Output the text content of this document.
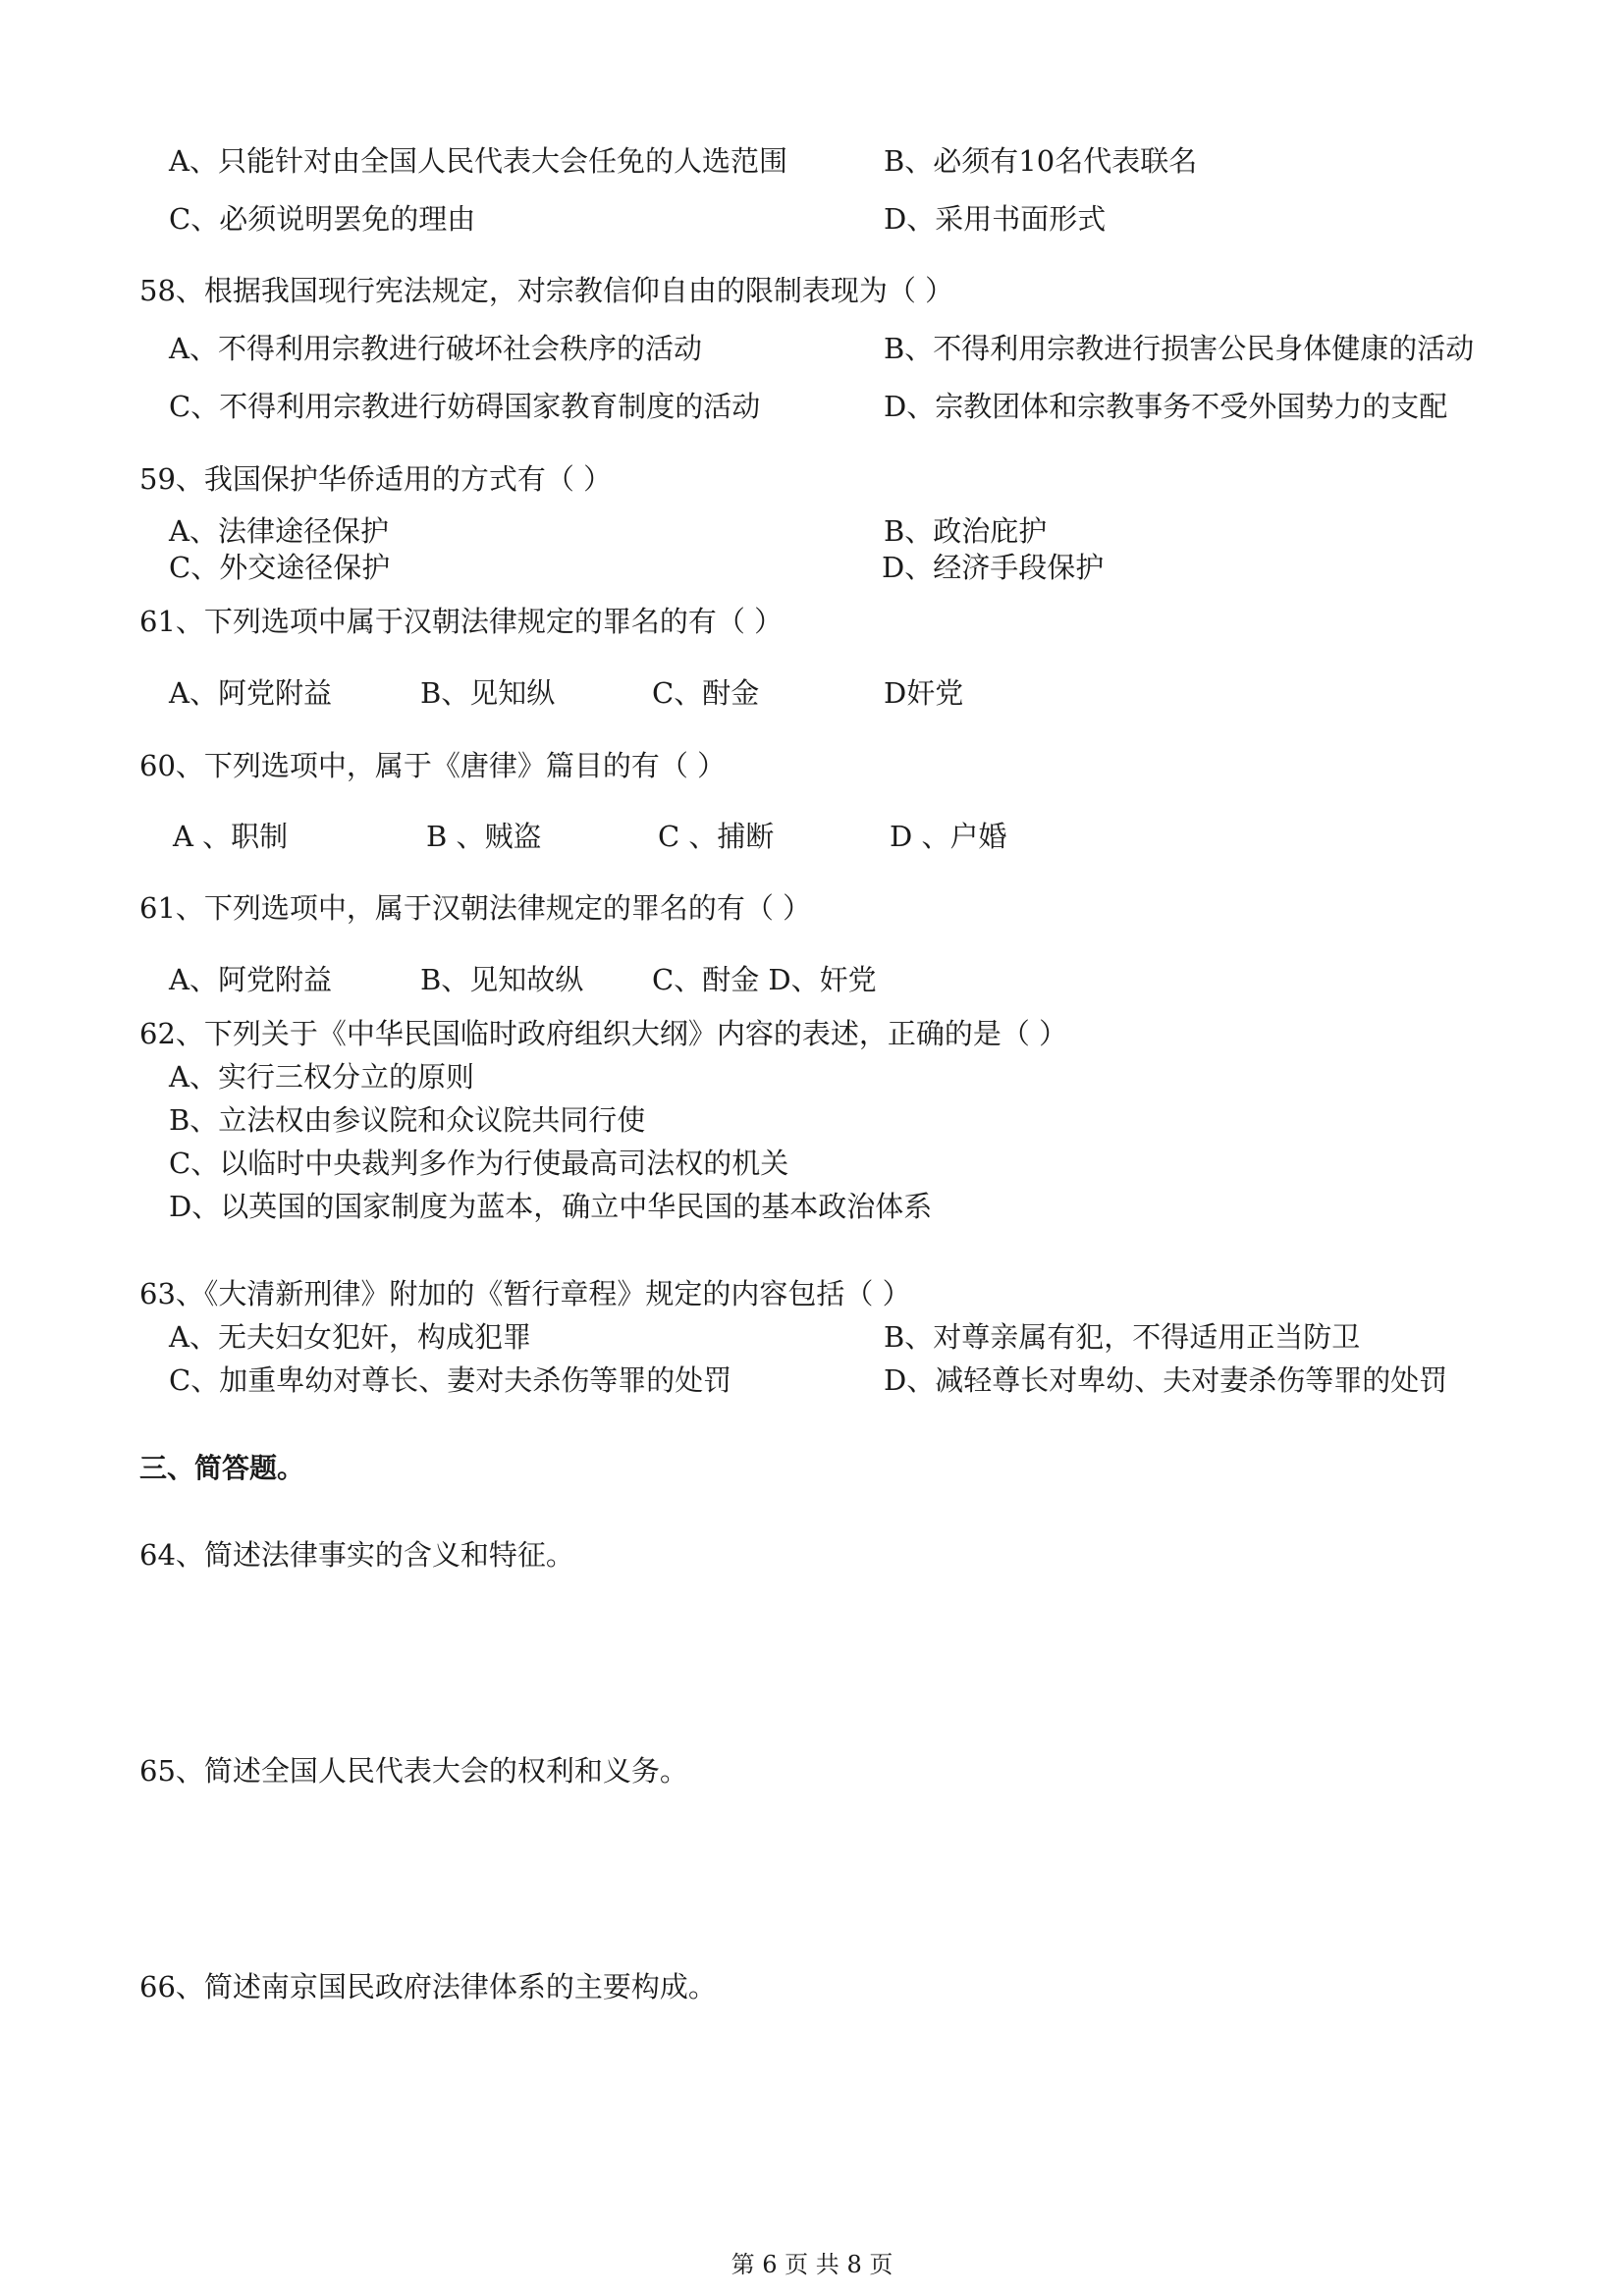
A、只能针对由全国人民代表大会任免的人选范围	B、必须有10名代表联名
C、必须说明罢免的理由	D、采用书面形式
58、根据我国现行宪法规定，对宗教信仰自由的限制表现为（ ）
A、不得利用宗教进行破坏社会秩序的活动	B、不得利用宗教进行损害公民身体健康的活动
C、不得利用宗教进行妨碍国家教育制度的活动	D、宗教团体和宗教事务不受外国势力的支配
59、我国保护华侨适用的方式有（ ）
A、法律途径保护	B、政治庇护
C、外交途径保护	D、经济手段保护
61、下列选项中属于汉朝法律规定的罪名的有（ ）
A、阿党附益	B、见知纵	C、酎金	D奸党
60、下列选项中，属于《唐律》篇目的有（ ）
A 、职制	B 、贼盗	C 、捕断	D 、户婚
61、下列选项中，属于汉朝法律规定的罪名的有（ ）
A、阿党附益	B、见知故纵 C、酎金 D、奸党
62、下列关于《中华民国临时政府组织大纲》内容的表述，正确的是（ ）
A、实行三权分立的原则
B、立法权由参议院和众议院共同行使
C、以临时中央裁判多作为行使最高司法权的机关
D、以英国的国家制度为蓝本，确立中华民国的基本政治体系
63、《大清新刑律》附加的《暂行章程》规定的内容包括（ ）
A、无夫妇女犯奸，构成犯罪	B、对尊亲属有犯，不得适用正当防卫
C、加重卑幼对尊长、妻对夫杀伤等罪的处罚	D、减轻尊长对卑幼、夫对妻杀伤等罪的处罚
三、简答题。
64、简述法律事实的含义和特征。
65、简述全国人民代表大会的权利和义务。
66、简述南京国民政府法律体系的主要构成。
第 6 页 共 8 页
